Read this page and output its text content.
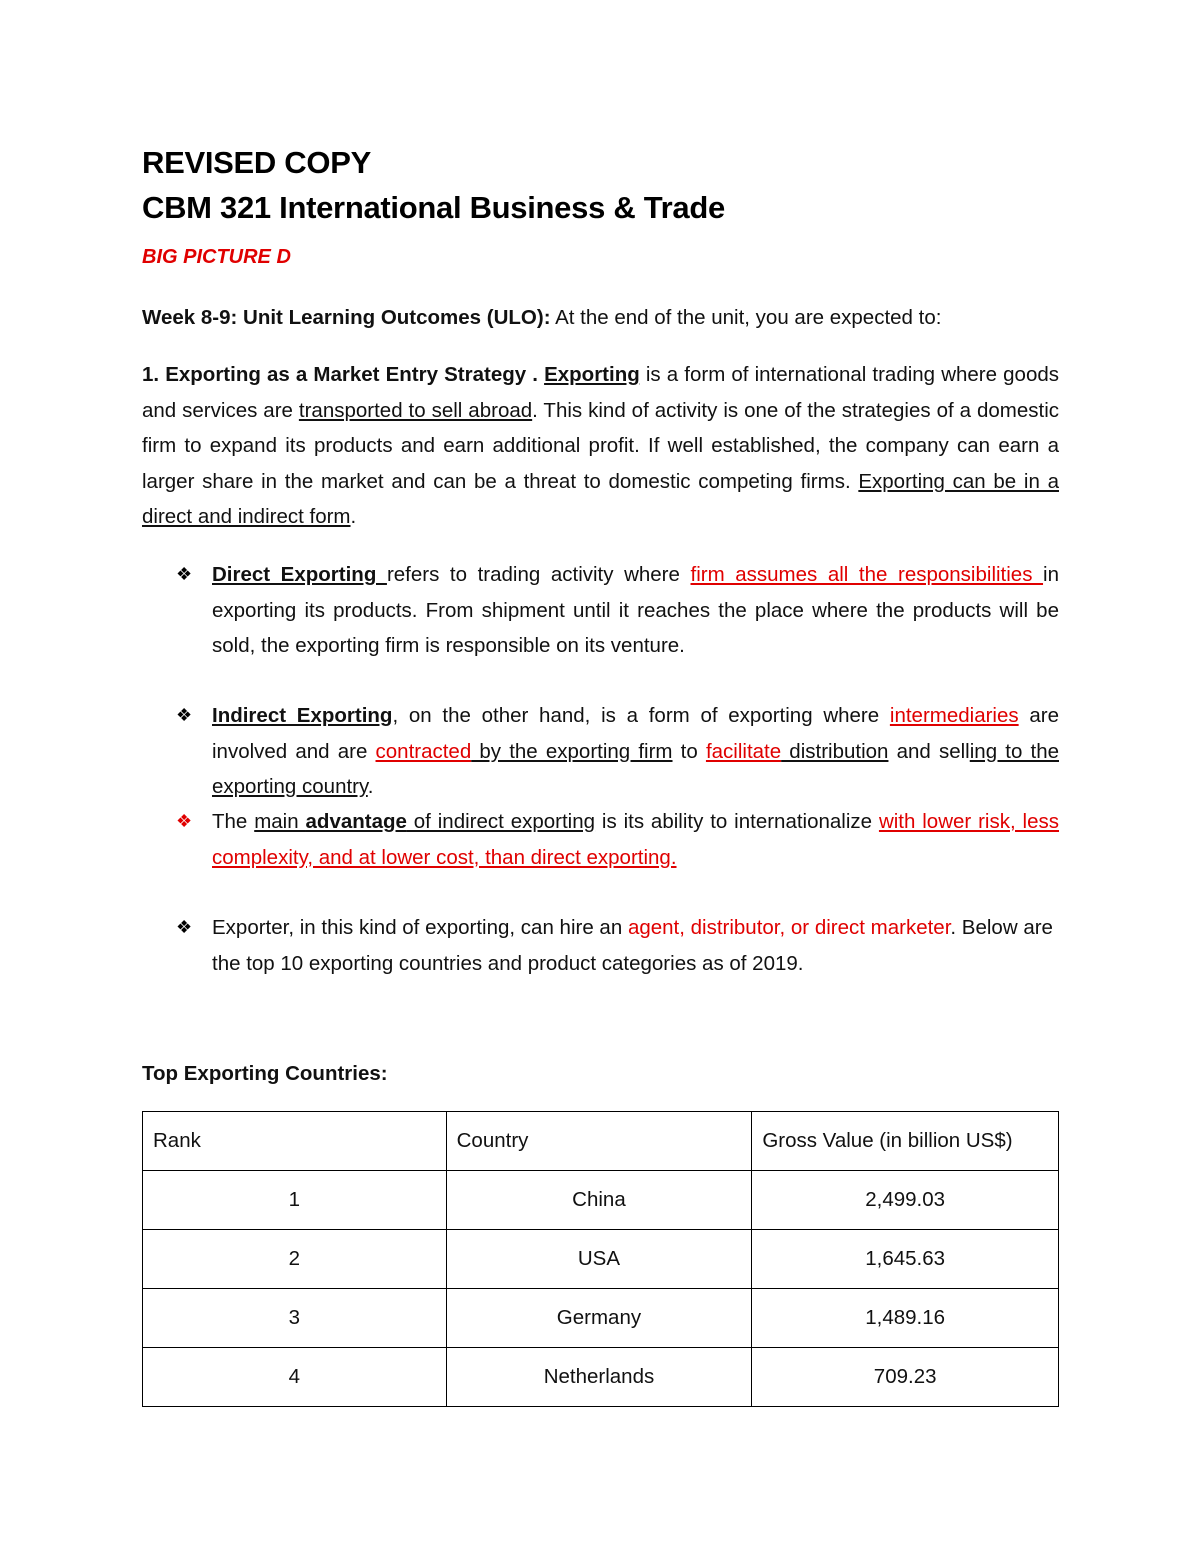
REVISED COPY
CBM 321 International Business & Trade
BIG PICTURE D
Week 8-9: Unit Learning Outcomes (ULO): At the end of the unit, you are expected to:
1. Exporting as a Market Entry Strategy . Exporting is a form of international trading where goods and services are transported to sell abroad. This kind of activity is one of the strategies of a domestic firm to expand its products and earn additional profit. If well established, the company can earn a larger share in the market and can be a threat to domestic competing firms. Exporting can be in a direct and indirect form.
❖ Direct Exporting refers to trading activity where firm assumes all the responsibilities in exporting its products. From shipment until it reaches the place where the products will be sold, the exporting firm is responsible on its venture.
❖ Indirect Exporting, on the other hand, is a form of exporting where intermediaries are involved and are contracted by the exporting firm to facilitate distribution and selling to the exporting country.
❖ The main advantage of indirect exporting is its ability to internationalize with lower risk, less complexity, and at lower cost, than direct exporting.
❖ Exporter, in this kind of exporting, can hire an agent, distributor, or direct marketer. Below are the top 10 exporting countries and product categories as of 2019.
Top Exporting Countries:
Rank	Country	Gross Value (in billion US$)
1	China	2,499.03
2	USA	1,645.63
3	Germany	1,489.16
4	Netherlands	709.23
